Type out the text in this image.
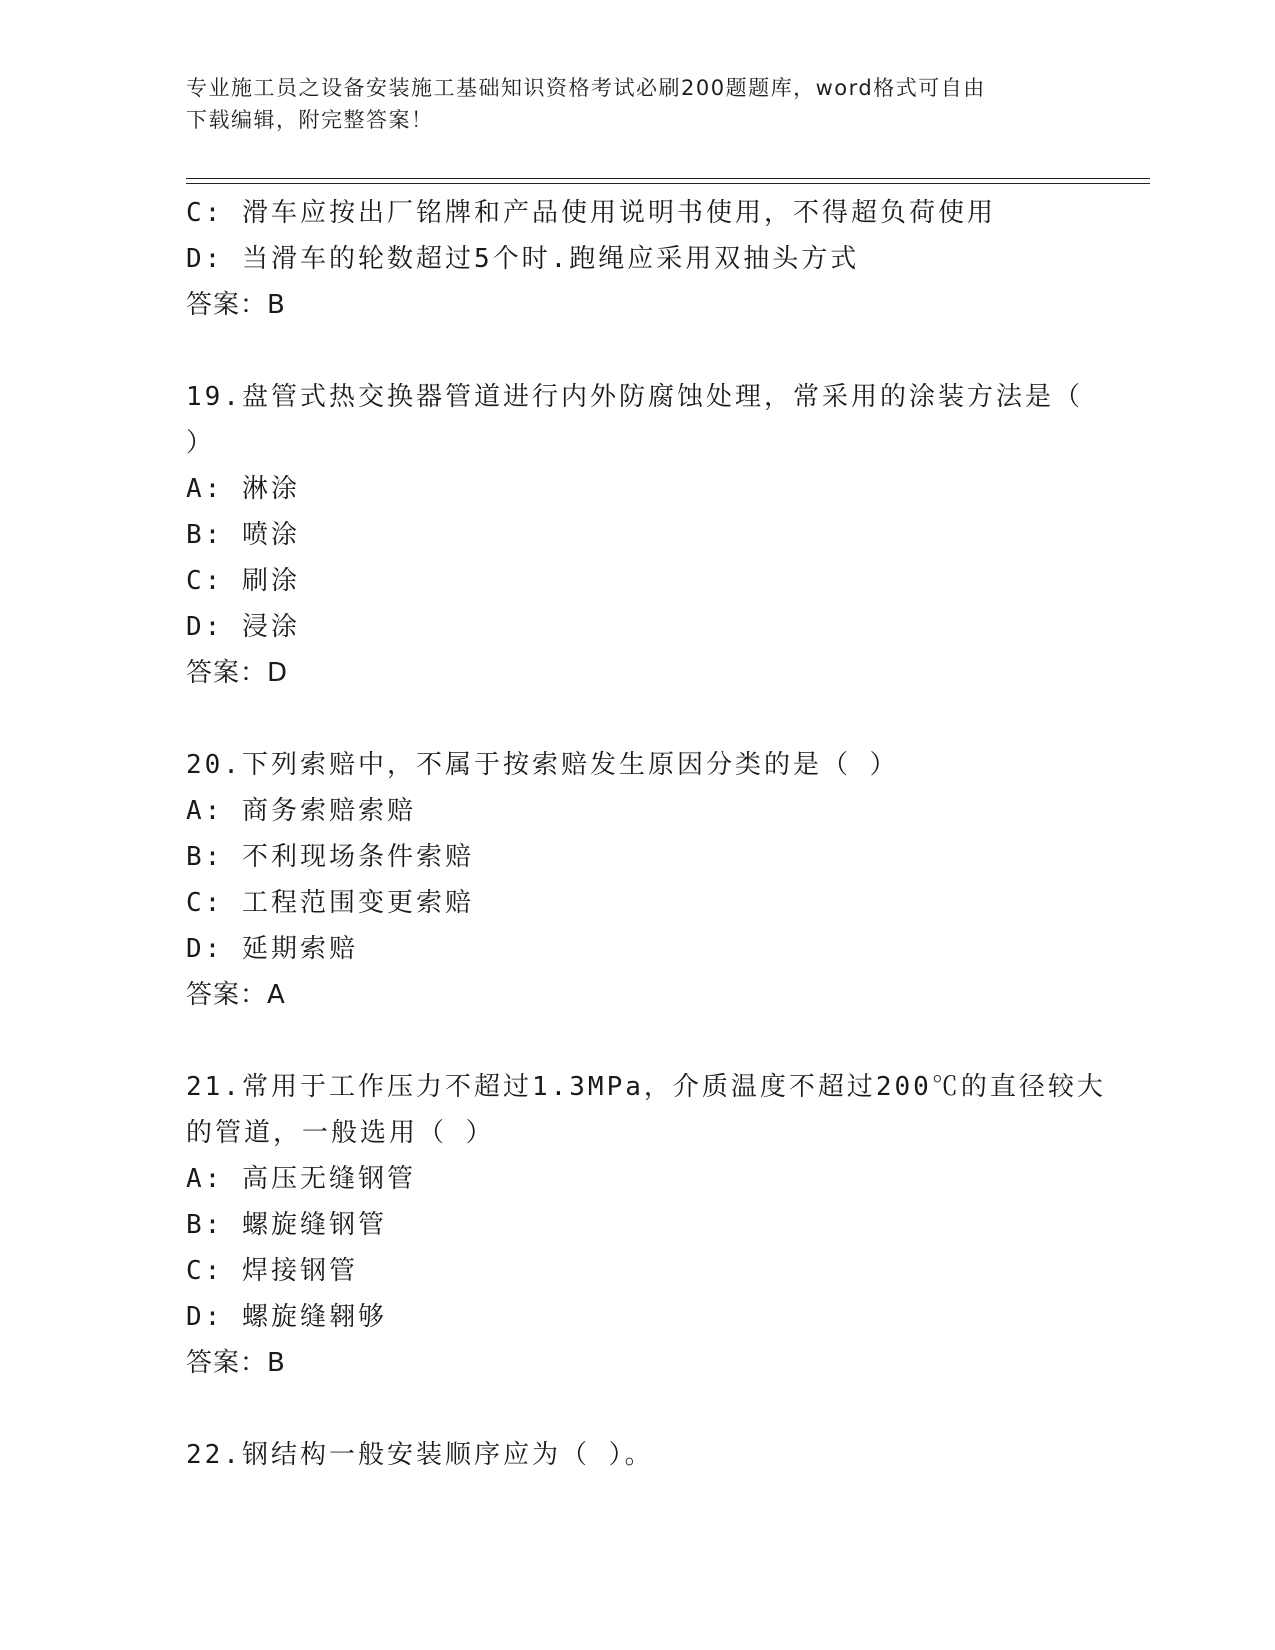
专业施工员之设备安装施工基础知识资格考试必刷200题题库，word格式可自由
下载编辑，附完整答案！
C: 滑车应按出厂铭牌和产品使用说明书使用，不得超负荷使用
D: 当滑车的轮数超过5个时.跑绳应采用双抽头方式
答案：B
19.盘管式热交换器管道进行内外防腐蚀处理，常采用的涂装方法是（
）
A: 淋涂
B: 喷涂
C: 刷涂
D: 浸涂
答案：D
20.下列索赔中，不属于按索赔发生原因分类的是（ ）
A: 商务索赔索赔
B: 不利现场条件索赔
C: 工程范围变更索赔
D: 延期索赔
答案：A
21.常用于工作压力不超过1.3MPa，介质温度不超过200℃的直径较大
的管道，一般选用（ ）
A: 高压无缝钢管
B: 螺旋缝钢管
C: 焊接钢管
D: 螺旋缝翱够
答案：B
22.钢结构一般安装顺序应为（ ）。
